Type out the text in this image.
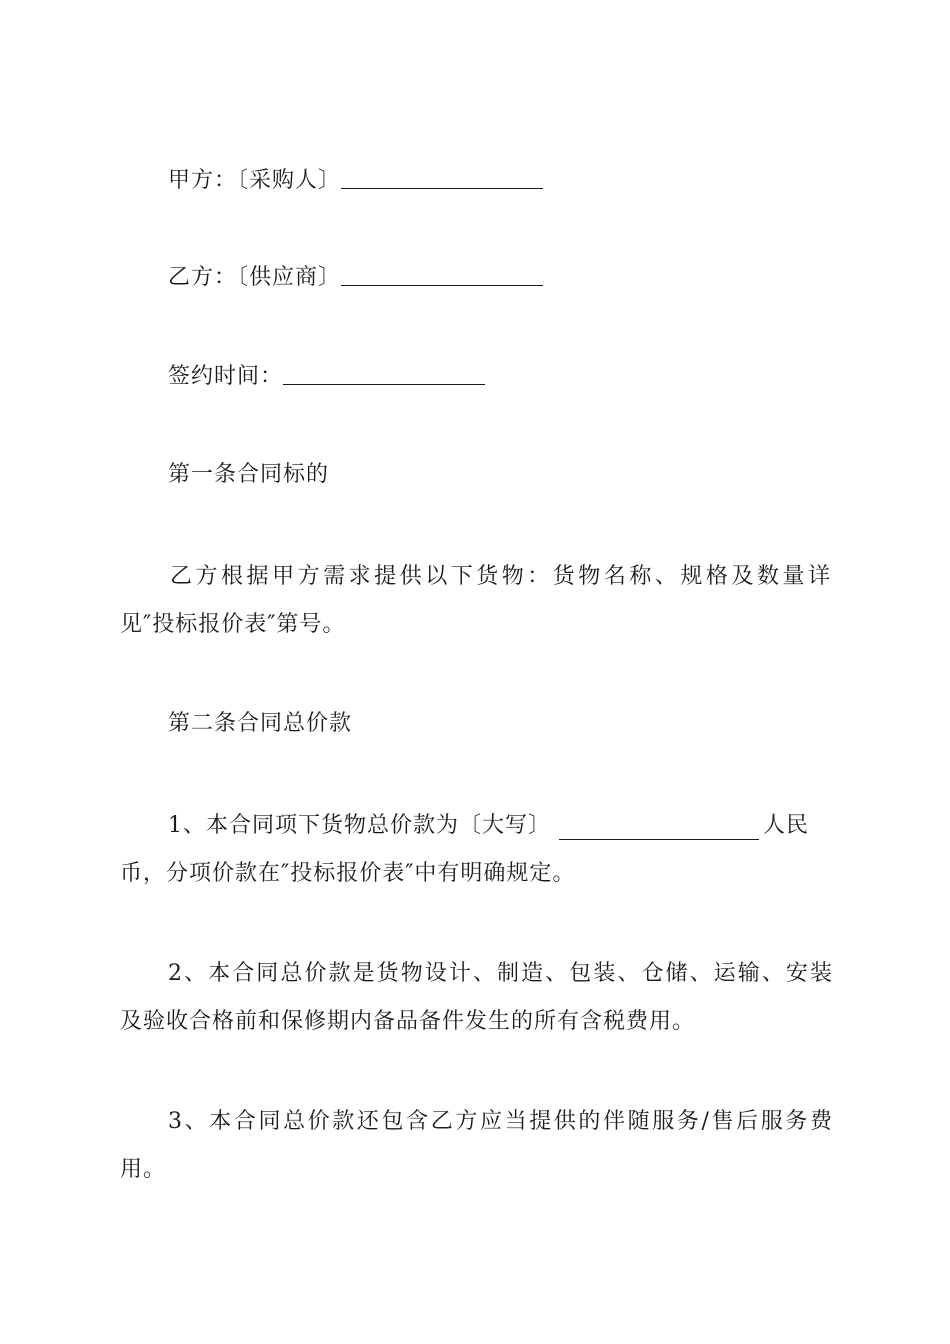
甲方：〔采购人〕
乙方：〔供应商〕
签约时间：
第一条合同标的
乙方根据甲方需求提供以下货物：货物名称、规格及数量详
见″投标报价表″第号。
第二条合同总价款
1、本合同项下货物总价款为〔大写〕	人民
币，分项价款在″投标报价表″中有明确规定。
2、本合同总价款是货物设计、制造、包装、仓储、运输、安装
及验收合格前和保修期内备品备件发生的所有含税费用。
3、本合同总价款还包含乙方应当提供的伴随服务/售后服务费
用。
